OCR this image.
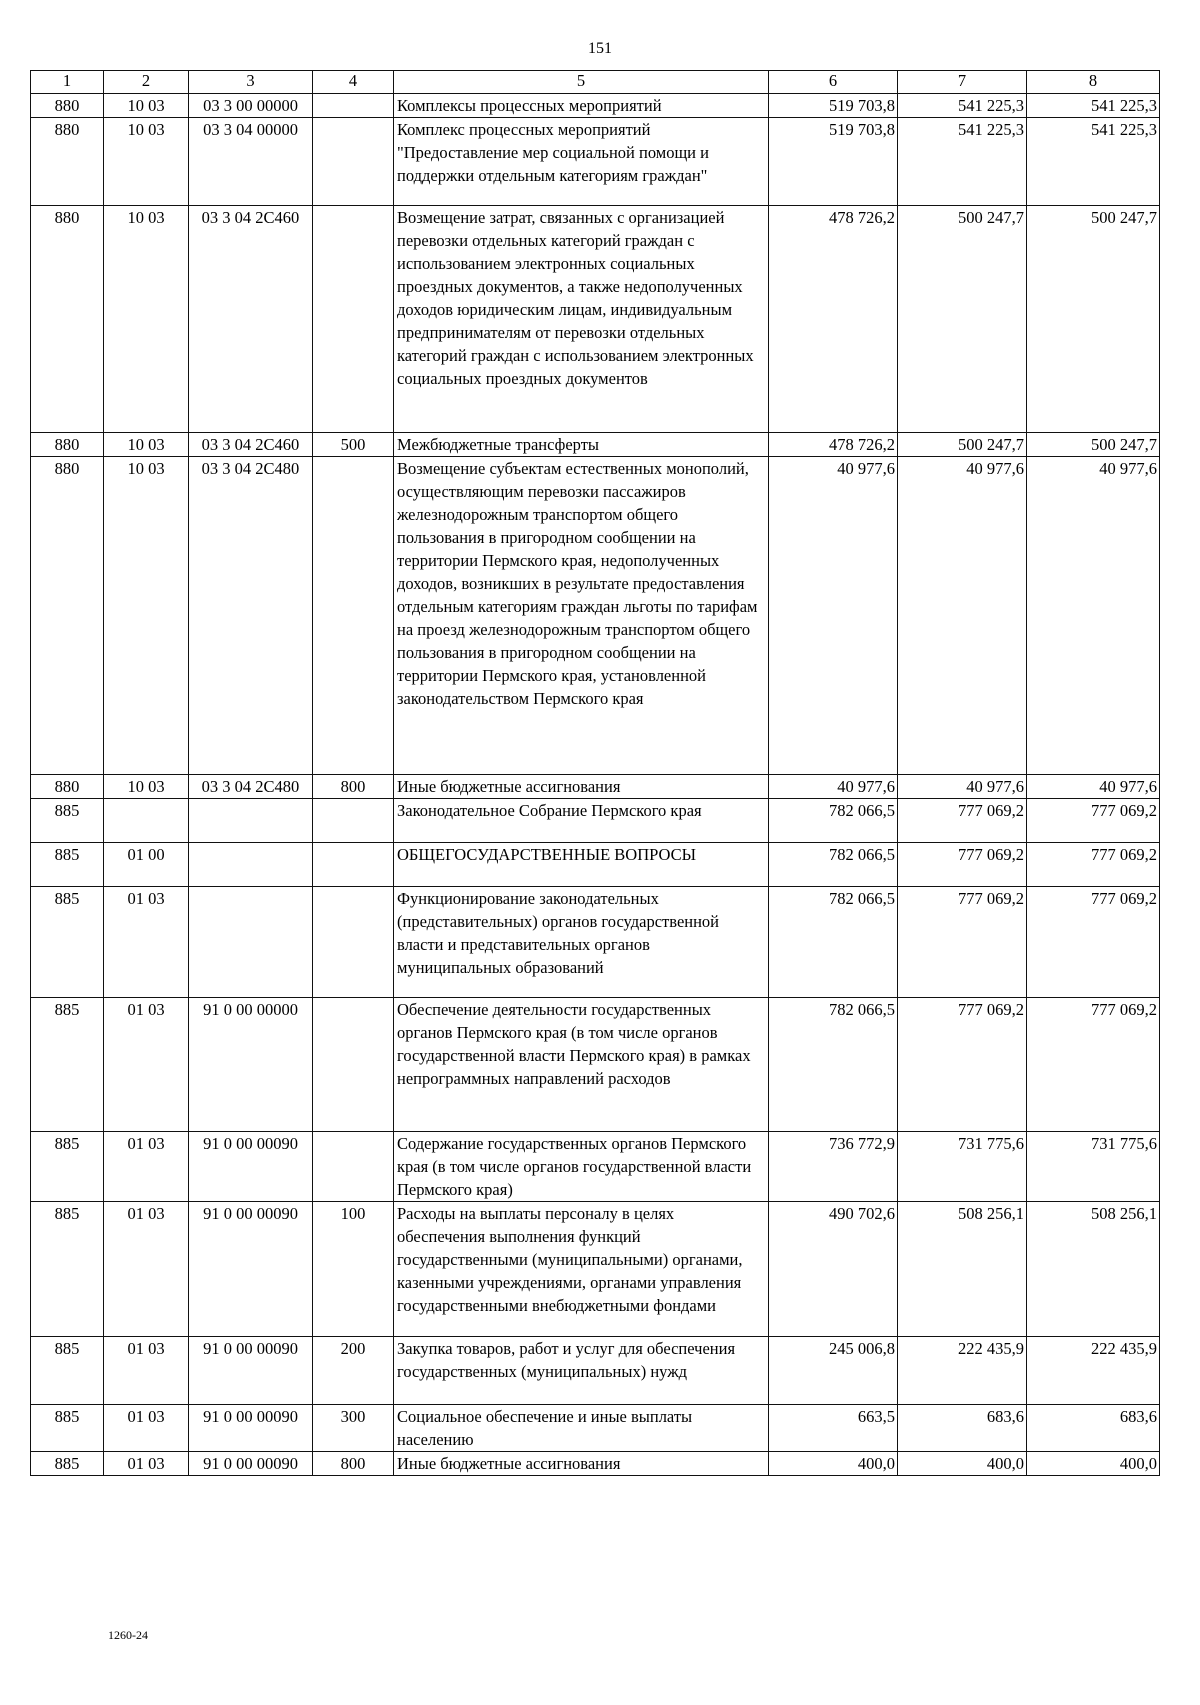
151
1	2	3	4	5	6	7	8
880	10 03	03 3 00 00000		Комплексы процессных мероприятий	519 703,8	541 225,3	541 225,3
880	10 03	03 3 04 00000		Комплекс процессных мероприятий "Предоставление мер социальной помощи и поддержки отдельным категориям граждан"	519 703,8	541 225,3	541 225,3
880	10 03	03 3 04 2С460		Возмещение затрат, связанных с организацией перевозки отдельных категорий граждан с использованием электронных социальных проездных документов, а также недополученных доходов юридическим лицам, индивидуальным предпринимателям от перевозки отдельных категорий граждан с использованием электронных социальных проездных документов	478 726,2	500 247,7	500 247,7
880	10 03	03 3 04 2С460	500	Межбюджетные трансферты	478 726,2	500 247,7	500 247,7
880	10 03	03 3 04 2С480		Возмещение субъектам естественных монополий, осуществляющим перевозки пассажиров железнодорожным транспортом общего пользования в пригородном сообщении на территории Пермского края, недополученных доходов, возникших в результате предоставления отдельным категориям граждан льготы по тарифам на проезд железнодорожным транспортом общего пользования в пригородном сообщении на территории Пермского края, установленной законодательством Пермского края	40 977,6	40 977,6	40 977,6
880	10 03	03 3 04 2С480	800	Иные бюджетные ассигнования	40 977,6	40 977,6	40 977,6
885				Законодательное Собрание Пермского края	782 066,5	777 069,2	777 069,2
885	01 00			ОБЩЕГОСУДАРСТВЕННЫЕ ВОПРОСЫ	782 066,5	777 069,2	777 069,2
885	01 03			Функционирование законодательных (представительных) органов государственной власти и представительных органов муниципальных образований	782 066,5	777 069,2	777 069,2
885	01 03	91 0 00 00000		Обеспечение деятельности государственных органов Пермского края (в том числе органов государственной власти Пермского края) в рамках непрограммных направлений расходов	782 066,5	777 069,2	777 069,2
885	01 03	91 0 00 00090		Содержание государственных органов Пермского края (в том числе органов государственной власти Пермского края)	736 772,9	731 775,6	731 775,6
885	01 03	91 0 00 00090	100	Расходы на выплаты персоналу в целях обеспечения выполнения функций государственными (муниципальными) органами, казенными учреждениями, органами управления государственными внебюджетными фондами	490 702,6	508 256,1	508 256,1
885	01 03	91 0 00 00090	200	Закупка товаров, работ и услуг для обеспечения государственных (муниципальных) нужд	245 006,8	222 435,9	222 435,9
885	01 03	91 0 00 00090	300	Социальное обеспечение и иные выплаты населению	663,5	683,6	683,6
885	01 03	91 0 00 00090	800	Иные бюджетные ассигнования	400,0	400,0	400,0
1260-24
